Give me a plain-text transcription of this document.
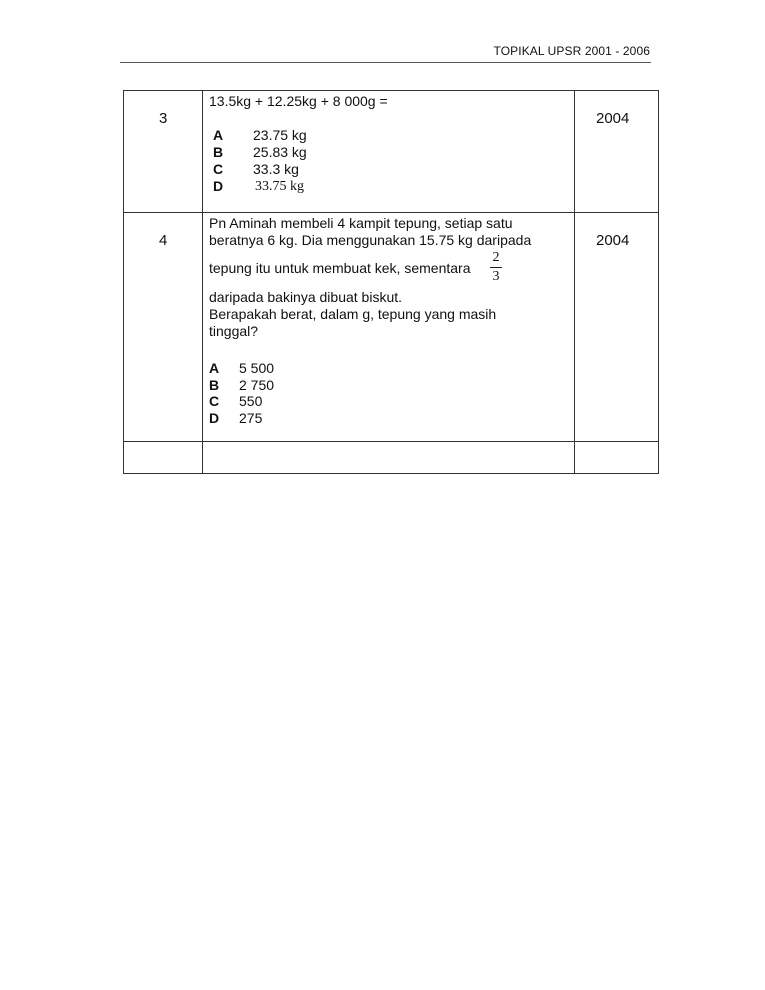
TOPIKAL UPSR 2001 - 2006
3	2004
13.5kg + 12.25kg + 8 000g =
A 23.75 kg
B 25.83 kg
C 33.3 kg
D 33.75 kg
4	2004
Pn Aminah membeli 4 kampit tepung, setiap satu
beratnya 6 kg. Dia menggunakan 15.75 kg daripada
tepung itu untuk membuat kek, sementara
2
3
daripada bakinya dibuat biskut.
Berapakah berat, dalam g, tepung yang masih
tinggal?
A 5 500
B 2 750
C 550
D 275
